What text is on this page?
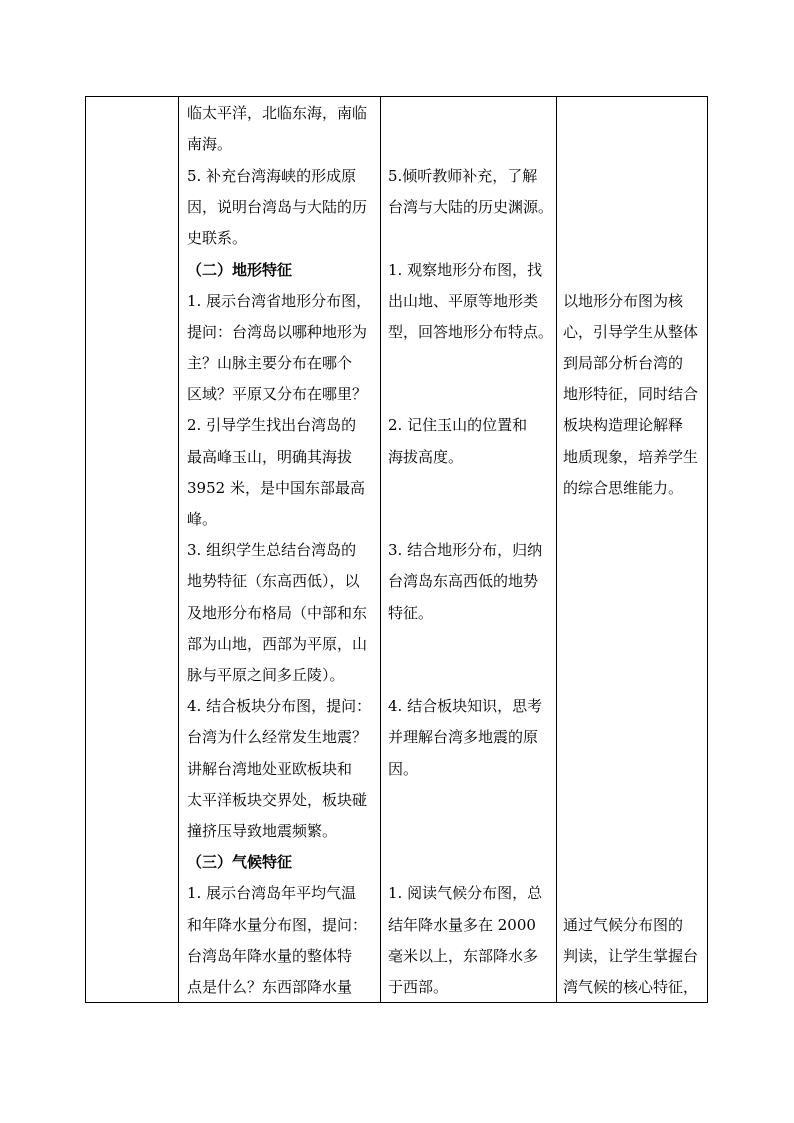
临太平洋，北临东海，南临
南海。
5. 补充台湾海峡的形成原
因，说明台湾岛与大陆的历
史联系。
（二）地形特征
1. 展示台湾省地形分布图，
提问：台湾岛以哪种地形为
主？山脉主要分布在哪个
区域？平原又分布在哪里？
2. 引导学生找出台湾岛的
最高峰玉山，明确其海拔
3952 米，是中国东部最高
峰。
3. 组织学生总结台湾岛的
地势特征（东高西低），以
及地形分布格局（中部和东
部为山地，西部为平原，山
脉与平原之间多丘陵）。
4. 结合板块分布图，提问：
台湾为什么经常发生地震？
讲解台湾地处亚欧板块和
太平洋板块交界处，板块碰
撞挤压导致地震频繁。
（三）气候特征
1. 展示台湾岛年平均气温
和年降水量分布图，提问：
台湾岛年降水量的整体特
点是什么？东西部降水量
5.倾听教师补充，了解
台湾与大陆的历史渊源。
1. 观察地形分布图，找
出山地、平原等地形类
型，回答地形分布特点。
2. 记住玉山的位置和
海拔高度。
3. 结合地形分布，归纳
台湾岛东高西低的地势
特征。
4. 结合板块知识，思考
并理解台湾多地震的原
因。
1. 阅读气候分布图，总
结年降水量多在 2000
毫米以上，东部降水多
于西部。
以地形分布图为核
心，引导学生从整体
到局部分析台湾的
地形特征，同时结合
板块构造理论解释
地质现象，培养学生
的综合思维能力。
通过气候分布图的
判读，让学生掌握台
湾气候的核心特征，
